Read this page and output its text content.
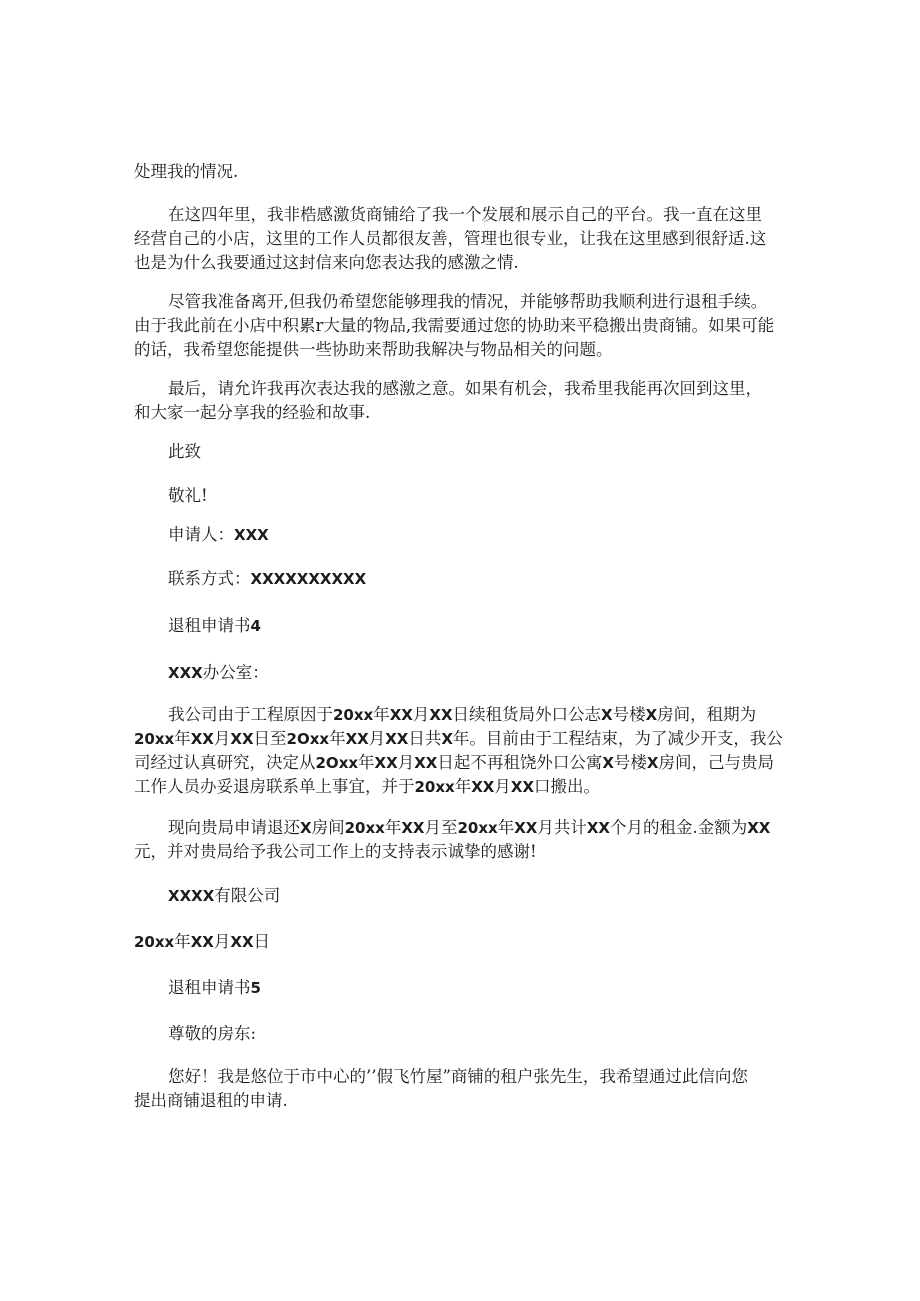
处理我的情况.
在这四年里，我非梏感激货商铺给了我一个发展和展示自己的平台。我一直在这里
经营自己的小店，这里的工作人员都很友善，管理也很专业，让我在这里感到很舒适.这
也是为什么我要通过这封信来向您表达我的感激之情.
尽管我准备离开,但我仍希望您能够理我的情况，并能够帮助我顺利进行退租手续。
由于我此前在小店中积累r大量的物品,我需要通过您的协助来平稳搬出贵商铺。如果可能
的话，我希望您能提供一些协助来帮助我解决与物品相关的问题。
最后，请允许我再次表达我的感激之意。如果有机会，我希里我能再次回到这里，
和大家一起分享我的经验和故事.
此致
敬礼!
申请人：XXX
联系方式：XXXXXXXXXX
退租申请书4
XXX办公室：
我公司由于工程原因于20xx年XX月XX日续租货局外口公志X号楼X房间，租期为
20xx年XX月XX日至2Oxx年XX月XX日共X年。目前由于工程结束，为了减少开支，我公
司经过认真研究，决定从2Oxx年XX月XX日起不再租饶外口公寓X号楼X房间，己与贵局
工作人员办妥退房联系单上事宜，并于20xx年XX月XX口搬出。
现向贵局申请退还X房间20xx年XX月至20xx年XX月共计XX个月的租金.金额为XX
元，并对贵局给予我公司工作上的支持表示诚挚的感谢!
XXXX有限公司
20xx年XX月XX日
退租申请书5
尊敬的房东:
您好！我是悠位于市中心的’’假飞竹屋”商铺的租户张先生，我希望通过此信向您
提出商铺退租的申请.
